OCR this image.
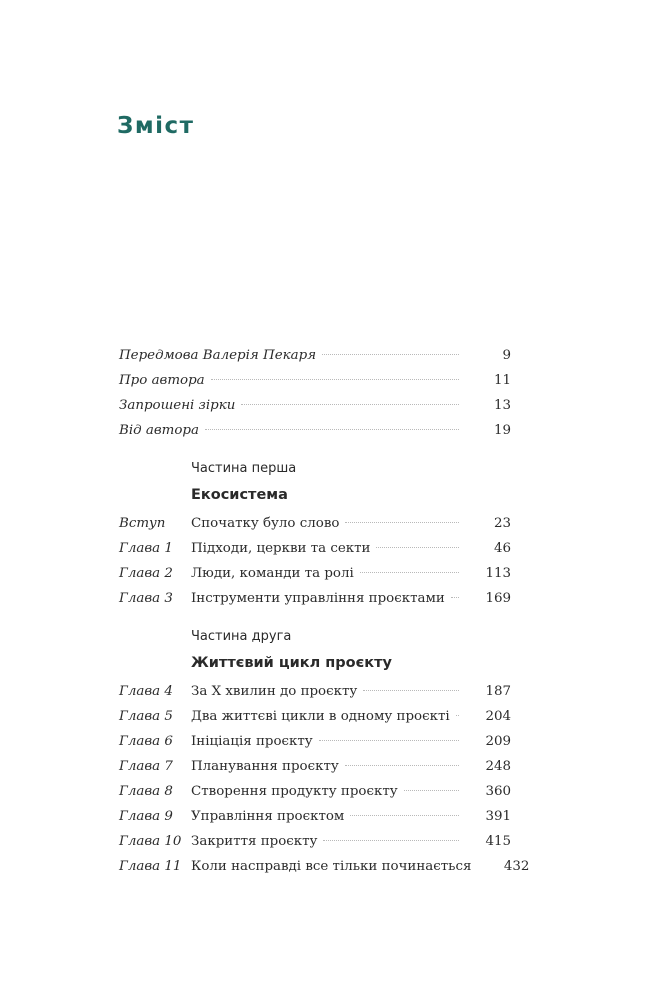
Зміст
Передмова Валерія Пекаря	9
Про автора	11
Запрошені зірки	13
Від автора	19
Частина перша
Екосистема
Вступ	Спочатку було слово	23
Глава 1	Підходи, церкви та секти	46
Глава 2	Люди, команди та ролі	113
Глава 3	Інструменти управління проєктами	169
Частина друга
Життєвий цикл проєкту
Глава 4	За Х хвилин до проєкту	187
Глава 5	Два життєві цикли в одному проєкті	204
Глава 6	Ініціація проєкту	209
Глава 7	Планування проєкту	248
Глава 8	Створення продукту проєкту	360
Глава 9	Управління проєктом	391
Глава 10 Закриття проєкту	415
Глава 11 Коли насправді все тільки починається	432
